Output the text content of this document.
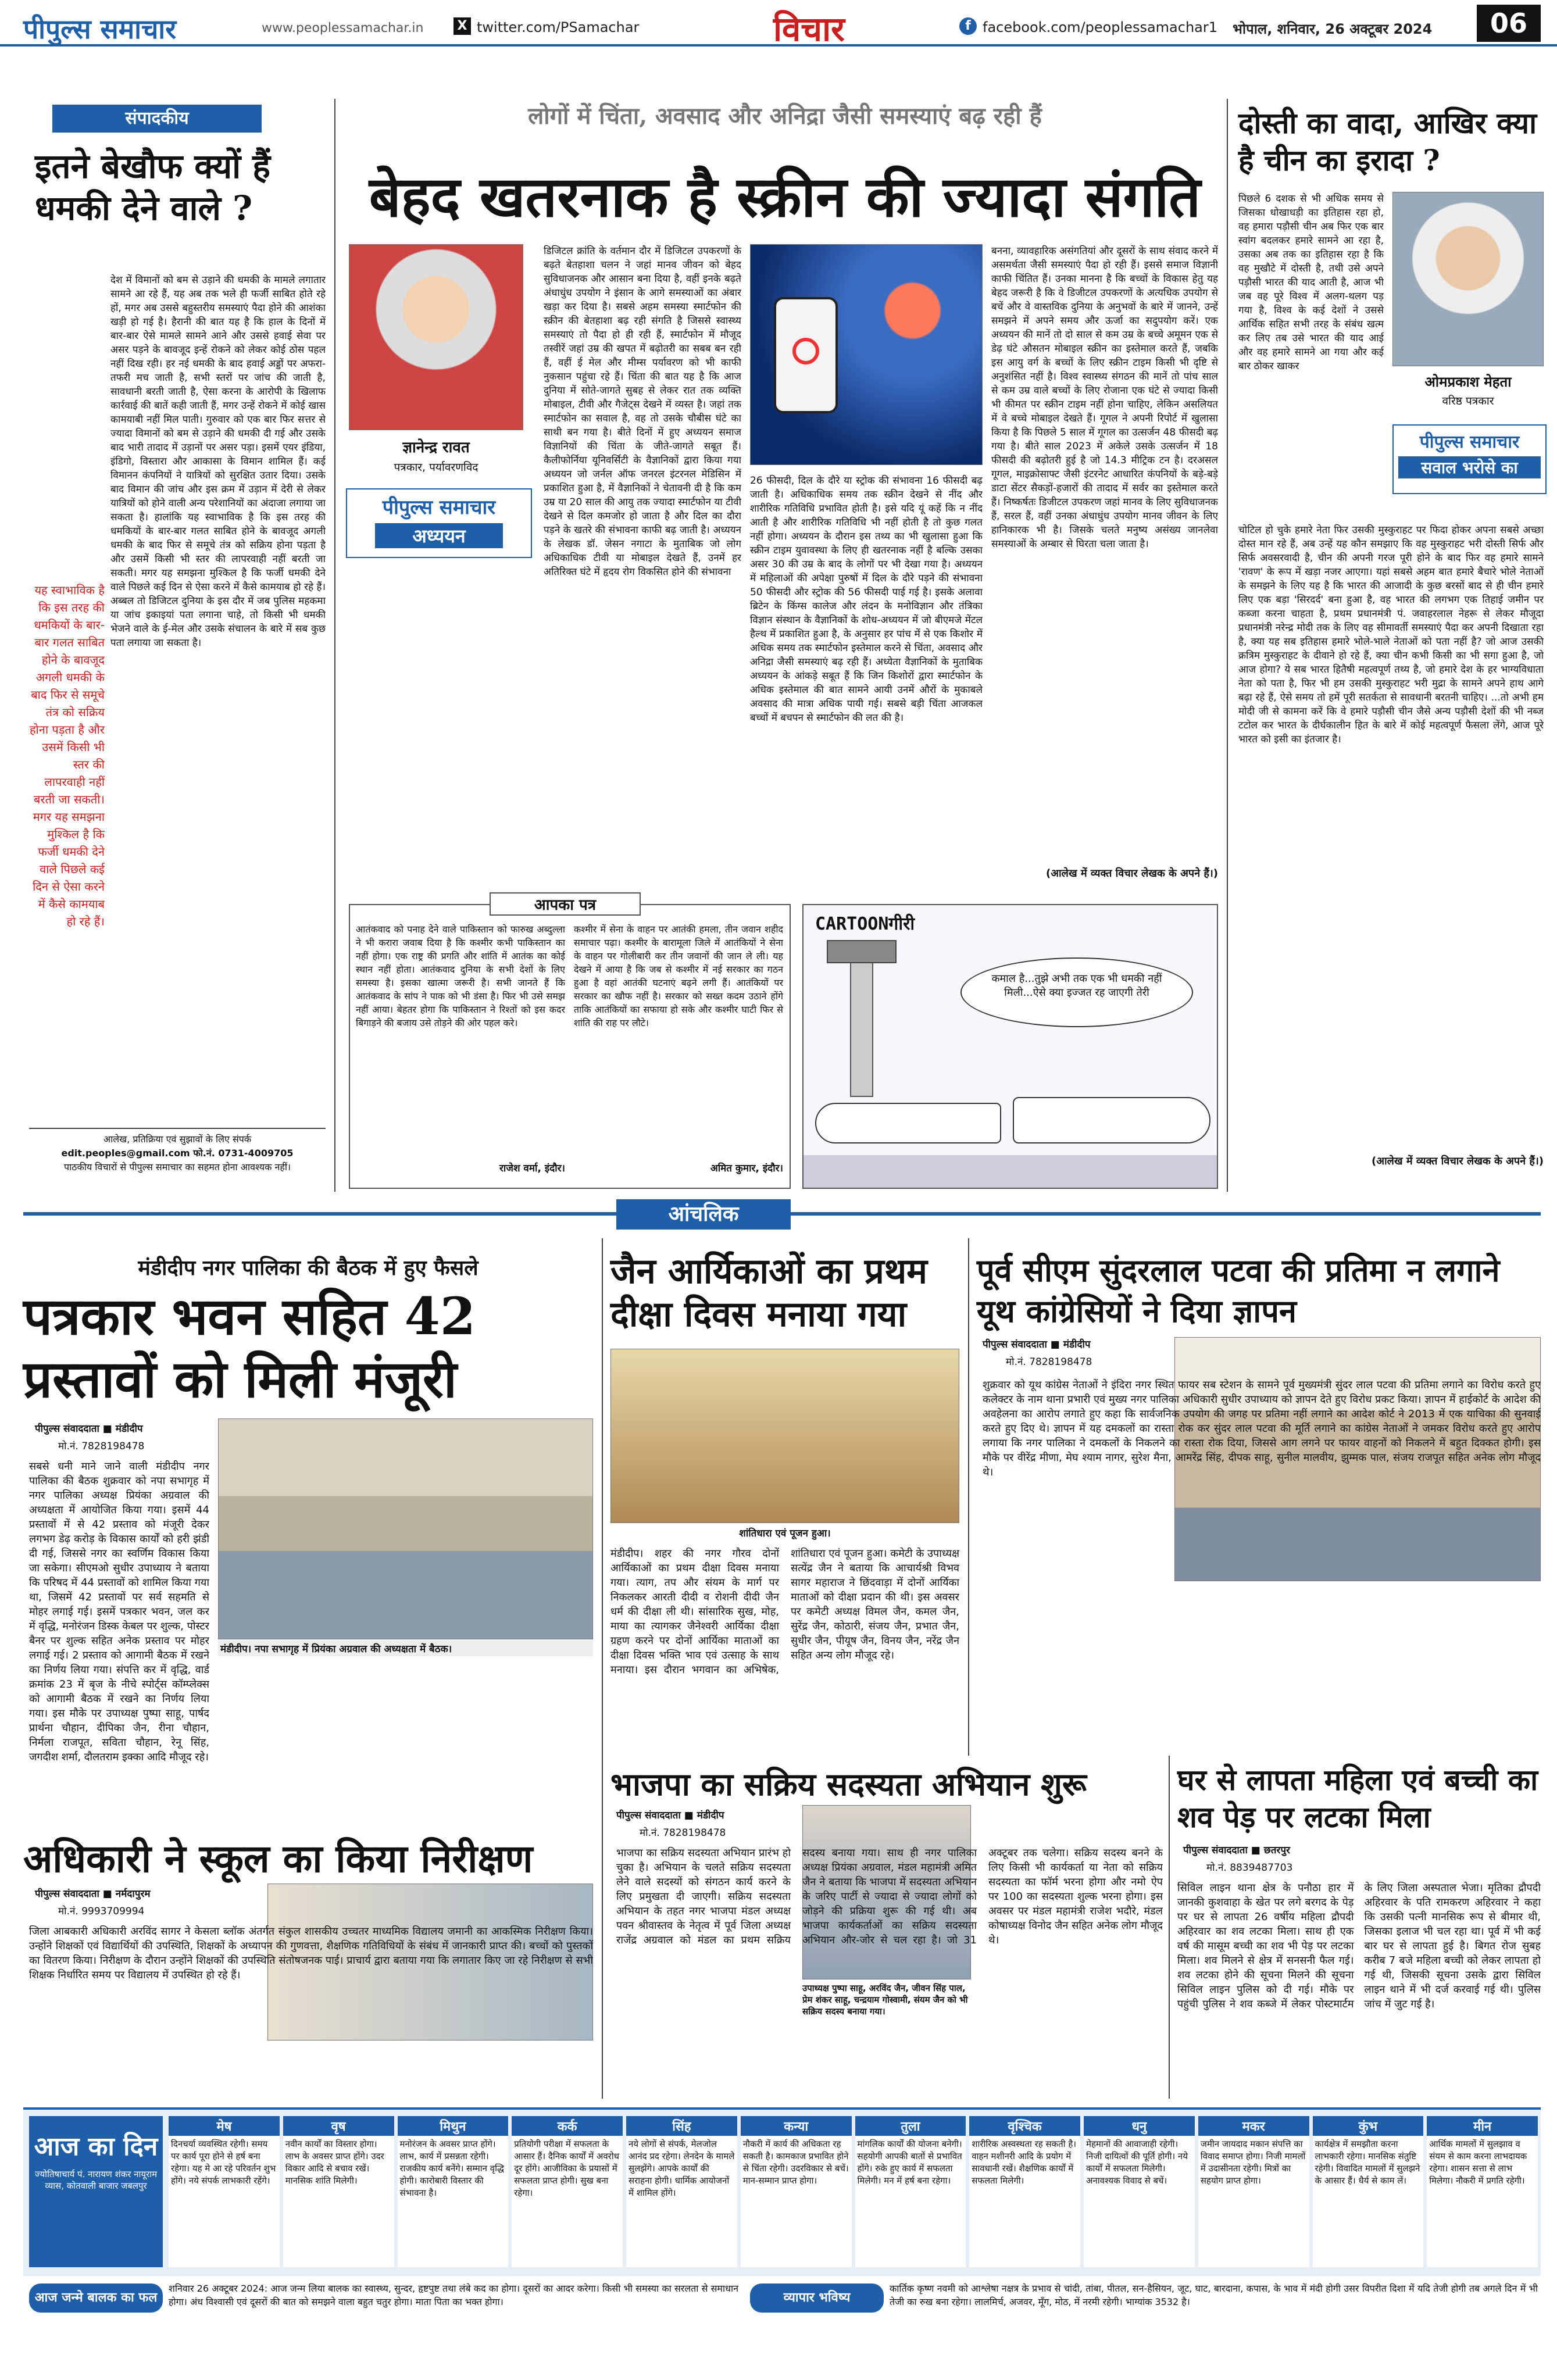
पीपुल्स समाचार	www.peoplessamachar.in	X twitter.com/PSamachar	विचार	f facebook.com/peoplessamachar1 भोपाल, शनिवार, 26 अक्टूबर 2024	06
संपादकीय
इतने बेखौफ क्यों हैं धमकी देने वाले ?
देश में विमानों को बम से उड़ाने की धमकी के मामले लगातार सामने आ रहे हैं, यह अब तक भले ही फर्जी साबित होते रहे हों, मगर अब उससे बहुस्तरीय समस्याएं पैदा होने की आशंका खड़ी हो गई है। हैरानी की बात यह है कि हाल के दिनों में बार-बार ऐसे मामले सामने आने और उससे हवाई सेवा पर असर पड़ने के बावजूद इन्हें रोकने को लेकर कोई ठोस पहल नहीं दिख रही। हर नई धमकी के बाद हवाई अड्डों पर अफरा-तफरी मच जाती है, सभी स्तरों पर जांच की जाती है, सावधानी बरती जाती है, ऐसा करना के आरोपी के खिलाफ कार्रवाई की बातें कही जाती हैं, मगर उन्हें रोकने में कोई खास कामयाबी नहीं मिल पाती। गुरुवार को एक बार फिर सत्तर से ज्यादा विमानों को बम से उड़ाने की धमकी दी गई और उसके बाद भारी तादाद में उड़ानों पर असर पड़ा। इसमें एयर इंडिया, इंडिगो, विस्तारा और आकासा के विमान शामिल हैं। कई विमानन कंपनियों ने यात्रियों को सुरक्षित उतार दिया। उसके बाद विमान की जांच और इस क्रम में उड़ान में देरी से लेकर यात्रियों को होने वाली अन्य परेशानियों का अंदाजा लगाया जा सकता है। हालांकि यह स्वाभाविक है कि इस तरह की धमकियों के बार-बार गलत साबित होने के बावजूद अगली धमकी के बाद फिर से समूचे तंत्र को सक्रिय होना पड़ता है और उसमें किसी भी स्तर की लापरवाही नहीं बरती जा सकती। मगर यह समझना मुश्किल है कि फर्जी धमकी देने वाले पिछले कई दिन से ऐसा करने में कैसे कामयाब हो रहे हैं। अब्बल तो डिजिटल दुनिया के इस दौर में जब पुलिस महकमा या जांच इकाइयां पता लगाना चाहे, तो किसी भी धमकी भेजने वाले के ई-मेल और उसके संचालन के बारे में सब कुछ पता लगाया जा सकता है।
यह स्वाभाविक है कि इस तरह की धमकियों के बार-बार गलत साबित होने के बावजूद अगली धमकी के बाद फिर से समूचे तंत्र को सक्रिय होना पड़ता है और उसमें किसी भी स्तर की लापरवाही नहीं बरती जा सकती। मगर यह समझना मुश्किल है कि फर्जी धमकी देने वाले पिछले कई दिन से ऐसा करने में कैसे कामयाब हो रहे हैं।
आलेख, प्रतिक्रिया एवं सुझावों के लिए संपर्क
edit.peoples@gmail.com फो.नं. 0731-4009705
पाठकीय विचारों से पीपुल्स समाचार का सहमत होना आवश्यक नहीं।
लोगों में चिंता, अवसाद और अनिद्रा जैसी समस्याएं बढ़ रही हैं
बेहद खतरनाक है स्क्रीन की ज्यादा संगति
ज्ञानेन्द्र रावत
पत्रकार, पर्यावरणविद
पीपुल्स समाचार
अध्ययन
डिजिटल क्रांति के वर्तमान दौर में डिजिटल उपकरणों के बढ़ते बेतहाशा चलन ने जहां मानव जीवन को बेहद सुविधाजनक और आसान बना दिया है, वहीं इनके बढ़ते अंधाधुंध उपयोग ने इंसान के आगे समस्याओं का अंबार खड़ा कर दिया है। सबसे अहम समस्या स्मार्टफोन की स्क्रीन की बेतहाशा बढ़ रही संगति है जिससे स्वास्थ्य समस्याएं तो पैदा हो ही रही हैं, स्मार्टफोन में मौजूद तस्वीरें जहां उम्र की खपत में बढ़ोतरी का सबब बन रही हैं, वहीं ई मेल और मीम्स पर्यावरण को भी काफी नुकसान पहुंचा रहे हैं। चिंता की बात यह है कि आज दुनिया में सोते-जागते सुबह से लेकर रात तक व्यक्ति मोबाइल, टीवी और गैजेट्स देखने में व्यस्त है। जहां तक स्मार्टफोन का सवाल है, वह तो उसके चौबीस घंटे का साथी बन गया है। बीते दिनों में हुए अध्ययन समाज विज्ञानियों की चिंता के जीते-जागते सबूत हैं। कैलीफोर्निया यूनिवर्सिटी के वैज्ञानिकों द्वारा किया गया अध्ययन जो जर्नल ऑफ जनरल इंटरनल मेडिसिन में प्रकाशित हुआ है, में वैज्ञानिकों ने चेतावनी दी है कि कम उम्र या 20 साल की आयु तक ज्यादा स्मार्टफोन या टीवी देखने से दिल कमजोर हो जाता है और दिल का दौरा पड़ने के खतरे की संभावना काफी बढ़ जाती है। अध्ययन के लेखक डॉ. जेसन नगाटा के मुताबिक जो लोग अधिकाधिक टीवी या मोबाइल देखते हैं, उनमें हर अतिरिक्त घंटे में हृदय रोग विकसित होने की संभावना
26 फीसदी, दिल के दौरे या स्ट्रोक की संभावना 16 फीसदी बढ़ जाती है। अधिकाधिक समय तक स्क्रीन देखने से नींद और शारीरिक गतिविधि प्रभावित होती है। इसे यदि यूं कहें कि न नींद आती है और शारीरिक गतिविधि भी नहीं होती है तो कुछ गलत नहीं होगा। अध्ययन के दौरान इस तथ्य का भी खुलासा हुआ कि स्क्रीन टाइम युवावस्था के लिए ही खतरनाक नहीं है बल्कि उसका असर 30 की उम्र के बाद के लोगों पर भी देखा गया है। अध्ययन में महिलाओं की अपेक्षा पुरुषों में दिल के दौरे पड़ने की संभावना 50 फीसदी और स्ट्रोक की 56 फीसदी पाई गई है। इसके अलावा ब्रिटेन के किंग्स कालेज और लंदन के मनोविज्ञान और तंत्रिका विज्ञान संस्थान के वैज्ञानिकों के शोध-अध्ययन में जो बीएमजे मेंटल हैल्थ में प्रकाशित हुआ है, के अनुसार हर पांच में से एक किशोर में अधिक समय तक स्मार्टफोन इस्तेमाल करने से चिंता, अवसाद और अनिद्रा जैसी समस्याएं बढ़ रही हैं। अध्येता वैज्ञानिकों के मुताबिक अध्ययन के आंकड़े सबूत हैं कि जिन किशोरों द्वारा स्मार्टफोन के अधिक इस्तेमाल की बात सामने आयी उनमें औरों के मुकाबले अवसाद की मात्रा अधिक पायी गई। सबसे बड़ी चिंता आजकल बच्चों में बचपन से स्मार्टफोन की लत की है।
बनना, व्यावहारिक असंगतियां और दूसरों के साथ संवाद करने में असमर्थता जैसी समस्याएं पैदा हो रही हैं। इससे समाज विज्ञानी काफी चिंतित हैं। उनका मानना है कि बच्चों के विकास हेतु यह बेहद जरूरी है कि वे डिजीटल उपकरणों के अत्यधिक उपयोग से बचें और वे वास्तविक दुनिया के अनुभवों के बारे में जानने, उन्हें समझने में अपने समय और ऊर्जा का सदुपयोग करें। एक अध्ययन की मानें तो दो साल से कम उम्र के बच्चे अमूमन एक से डेढ़ घंटे औसतन मोबाइल स्क्रीन का इस्तेमाल करते हैं, जबकि इस आयु वर्ग के बच्चों के लिए स्क्रीन टाइम किसी भी दृष्टि से अनुशंसित नहीं है। विश्व स्वास्थ्य संगठन की मानें तो पांच साल से कम उम्र वाले बच्चों के लिए रोजाना एक घंटे से ज्यादा किसी भी कीमत पर स्क्रीन टाइम नहीं होना चाहिए, लेकिन असलियत में वे बच्चे मोबाइल देखते हैं। गूगल ने अपनी रिपोर्ट में खुलासा किया है कि पिछले 5 साल में गूगल का उत्सर्जन 48 फीसदी बढ़ गया है। बीते साल 2023 में अकेले उसके उत्सर्जन में 18 फीसदी की बढ़ोतरी हुई है जो 14.3 मीट्रिक टन है। दरअसल गूगल, माइक्रोसाफ्ट जैसी इंटरनेट आधारित कंपनियों के बड़े-बड़े डाटा सेंटर सैकड़ों-हजारों की तादाद में सर्वर का इस्तेमाल करते हैं। निष्कर्षतः डिजीटल उपकरण जहां मानव के लिए सुविधाजनक हैं, सरल हैं, वहीं उनका अंधाधुंध उपयोग मानव जीवन के लिए हानिकारक भी है। जिसके चलते मनुष्य असंख्य जानलेवा समस्याओं के अम्बार से घिरता चला जाता है।
(आलेख में व्यक्त विचार लेखक के अपने हैं।)
दोस्ती का वादा, आखिर क्या है चीन का इरादा ?
पिछले 6 दशक से भी अधिक समय से जिसका धोखाधड़ी का इतिहास रहा हो, वह हमारा पड़ौसी चीन अब फिर एक बार स्वांग बदलकर हमारे सामने आ रहा है, उसका अब तक का इतिहास रहा है कि वह मुखौटे में दोस्ती है, तथी उसे अपने पड़ौसी भारत की याद आती है, आज भी जब वह पूरे विश्व में अलग-थलग पड़ गया है, विश्व के कई देशों ने उससे आर्थिक सहित सभी तरह के संबंध खत्म कर लिए तब उसे भारत की याद आई और वह हमारे सामने आ गया और कई बार ठोकर खाकर
ओमप्रकाश मेहता
वरिष्ठ पत्रकार
पीपुल्स समाचार
सवाल भरोसे का
चोटिल हो चुके हमारे नेता फिर उसकी मुस्कुराहट पर फिदा होकर अपना सबसे अच्छा दोस्त मान रहे हैं, अब उन्हें यह कौन समझाए कि वह मुस्कुराहट भरी दोस्ती सिर्फ और सिर्फ अवसरवादी है, चीन की अपनी गरज पूरी होने के बाद फिर वह हमारे सामने 'रावण' के रूप में खड़ा नजर आएगा। यहां सबसे अहम बात हमारे बैचारे भोले नेताओं के समझने के लिए यह है कि भारत की आजादी के कुछ बरसों बाद से ही चीन हमारे लिए एक बड़ा 'सिरदर्द' बना हुआ है, वह भारत की लगभग एक तिहाई जमीन पर कब्जा करना चाहता है, प्रथम प्रधानमंत्री पं. जवाहरलाल नेहरू से लेकर मौजूदा प्रधानमंत्री नरेन्द्र मोदी तक के लिए वह सीमावर्ती समस्याएं पैदा कर अपनी दिखाता रहा है, क्या यह सब इतिहास हमारे भोले-भाले नेताओं को पता नहीं है? जो आज उसकी क्रत्रिम मुस्कुराहट के दीवाने हो रहे हैं, क्या चीन कभी किसी का भी सगा हुआ है, जो आज होगा? ये सब भारत हितैषी महत्वपूर्ण तथ्य है, जो हमारे देश के हर भाग्यविधाता नेता को पता है, फिर भी हम उसकी मुस्कुराहट भरी मुद्रा के सामने अपने हाथ आगे बढ़ा रहे हैं, ऐसे समय तो हमें पूरी सतर्कता से सावधानी बरतनी चाहिए। ...तो अभी हम मोदी जी से कामना करें कि वे हमारे पड़ौसी चीन जैसे अन्य पड़ौसी देशों की भी नब्ज टटोल कर भारत के दीर्घकालीन हित के बारे में कोई महत्वपूर्ण फैसला लेंगे, आज पूरे भारत को इसी का इंतजार है।
(आलेख में व्यक्त विचार लेखक के अपने हैं।)
आपका पत्र
आतंकवाद को पनाह देने वाले पाकिस्तान को फारुख अब्दुल्ला ने भी करारा जवाब दिया है कि कश्मीर कभी पाकिस्तान का नहीं होगा। एक राष्ट्र की प्रगति और शांति में आतंक का कोई स्थान नहीं होता। आतंकवाद दुनिया के सभी देशों के लिए समस्या है। इसका खात्मा जरूरी है। सभी जानते हैं कि आतंकवाद के सांप ने पाक को भी डंसा है। फिर भी उसे समझ नहीं आया। बेहतर होगा कि पाकिस्तान ने रिश्तों को इस कदर बिगाड़ने की बजाय उसे तोड़ने की ओर पहल करे।
राजेश वर्मा, इंदौर।
कश्मीर में सेना के वाहन पर आतंकी हमला, तीन जवान शहीद समाचार पढ़ा। कश्मीर के बारामूला जिले में आतंकियों ने सेना के वाहन पर गोलीबारी कर तीन जवानों की जान ले ली। यह देखने में आया है कि जब से कश्मीर में नई सरकार का गठन हुआ है वहां आतंकी घटनाएं बढ़ने लगी हैं। आतंकियों पर सरकार का खौफ नहीं है। सरकार को सख्त कदम उठाने होंगे ताकि आतंकियों का सफाया हो सके और कश्मीर घाटी फिर से शांति की राह पर लौटे।
अमित कुमार, इंदौर।
CARTOONगीरी
कमाल है...तुझे अभी तक एक भी धमकी नहीं मिली...ऐसे क्या इज्जत रह जाएगी तेरी
आंचलिक
मंडीदीप नगर पालिका की बैठक में हुए फैसले
पत्रकार भवन सहित 42 प्रस्तावों को मिली मंजूरी
पीपुल्स संवाददाता ■ मंडीदीप
मो.नं. 7828198478
मंडीदीप। नपा सभागृह में प्रियंका अग्रवाल की अध्यक्षता में बैठक।
सबसे धनी माने जाने वाली मंडीदीप नगर पालिका की बैठक शुक्रवार को नपा सभागृह में नगर पालिका अध्यक्ष प्रियंका अग्रवाल की अध्यक्षता में आयोजित किया गया। इसमें 44 प्रस्तावों में से 42 प्रस्ताव को मंजूरी देकर लगभग डेढ़ करोड़ के विकास कार्यों को हरी झंडी दी गई, जिससे नगर का स्वर्णिम विकास किया जा सकेगा। सीएमओ सुधीर उपाध्याय ने बताया कि परिषद में 44 प्रस्तावों को शामिल किया गया था, जिसमें 42 प्रस्तावों पर सर्व सहमति से मोहर लगाई गई। इसमें पत्रकार भवन, जल कर में वृद्धि, मनोरंजन डिस्क केबल पर शुल्क, पोस्टर बैनर पर शुल्क सहित अनेक प्रस्ताव पर मोहर लगाई गई। 2 प्रस्ताव को आगामी बैठक में रखने का निर्णय लिया गया। संपत्ति कर में वृद्धि, वार्ड क्रमांक 23 में बृज के नीचे स्पोर्ट्स कॉम्प्लेक्स को आगामी बैठक में रखने का निर्णय लिया गया। इस मौके पर उपाध्यक्ष पुष्पा साहू, पार्षद प्रार्थना चौहान, दीपिका जैन, रीना चौहान, निर्मला राजपूत, सविता चौहान, रेनू सिंह, जगदीश शर्मा, दौलतराम इक्का आदि मौजूद रहे।
अधिकारी ने स्कूल का किया निरीक्षण
पीपुल्स संवाददाता ■ नर्मदापुरम
मो.नं. 9993709994
जिला आबकारी अधिकारी अरविंद सागर ने केसला ब्लॉक अंतर्गत संकुल शासकीय उच्चतर माध्यमिक विद्यालय जमानी का आकस्मिक निरीक्षण किया। उन्होंने शिक्षकों एवं विद्यार्थियों की उपस्थिति, शिक्षकों के अध्यापन की गुणवत्ता, शैक्षणिक गतिविधियों के संबंध में जानकारी प्राप्त की। बच्चों को पुस्तकों का वितरण किया। निरीक्षण के दौरान उन्होंने शिक्षकों की उपस्थिति संतोषजनक पाई। प्राचार्य द्वारा बताया गया कि लगातार किए जा रहे निरीक्षण से सभी शिक्षक निर्धारित समय पर विद्यालय में उपस्थित हो रहे हैं।
जैन आर्यिकाओं का प्रथम दीक्षा दिवस मनाया गया
शांतिधारा एवं पूजन हुआ।
मंडीदीप। शहर की नगर गौरव दोनों आर्यिकाओं का प्रथम दीक्षा दिवस मनाया गया। त्याग, तप और संयम के मार्ग पर निकलकर आरती दीदी व रोशनी दीदी जैन धर्म की दीक्षा ली थी। सांसारिक सुख, मोह, माया का त्यागकर जैनेश्वरी आर्यिका दीक्षा ग्रहण करने पर दोनों आर्यिका माताओं का दीक्षा दिवस भक्ति भाव एवं उत्साह के साथ मनाया। इस दौरान भगवान का अभिषेक, शांतिधारा एवं पूजन हुआ। कमेटी के उपाध्यक्ष सत्येंद्र जैन ने बताया कि आचार्यश्री विभव सागर महाराज ने छिंदवाड़ा में दोनों आर्यिका माताओं को दीक्षा प्रदान की थी। इस अवसर पर कमेटी अध्यक्ष विमल जैन, कमल जैन, सुरेंद्र जैन, कोठारी, संजय जैन, प्रभात जैन, सुधीर जैन, पीयूष जैन, विनय जैन, नरेंद्र जैन सहित अन्य लोग मौजूद रहे।
भाजपा का सक्रिय सदस्यता अभियान शुरू
पीपुल्स संवाददाता ■ मंडीदीप
मो.नं. 7828198478
उपाध्यक्ष पुष्पा साहू, अरविंद जैन, जीवन सिंह पाल, प्रेम शंकर साहू, चन्द्रयाम गोस्वामी, संयम जैन को भी सक्रिय सदस्य बनाया गया।
भाजपा का सक्रिय सदस्यता अभियान प्रारंभ हो चुका है। अभियान के चलते सक्रिय सदस्यता लेने वाले सदस्यों को संगठन कार्य करने के लिए प्रमुखता दी जाएगी। सक्रिय सदस्यता अभियान के तहत नगर भाजपा मंडल अध्यक्ष पवन श्रीवास्तव के नेतृत्व में पूर्व जिला अध्यक्ष राजेंद्र अग्रवाल को मंडल का प्रथम सक्रिय सदस्य बनाया गया। साथ ही नगर पालिका अध्यक्ष प्रियंका अग्रवाल, मंडल महामंत्री अमित जैन ने बताया कि भाजपा में सदस्यता अभियान के जरिए पार्टी से ज्यादा से ज्यादा लोगों को जोड़ने की प्रक्रिया शुरू की गई थी। अब भाजपा कार्यकर्ताओं का सक्रिय सदस्यता अभियान और-जोर से चल रहा है। जो 31 अक्टूबर तक चलेगा। सक्रिय सदस्य बनने के लिए किसी भी कार्यकर्ता या नेता को सक्रिय सदस्यता का फॉर्म भरना होगा और नमो ऐप पर 100 का सदस्यता शुल्क भरना होगा। इस अवसर पर मंडल महामंत्री राजेश भदौरे, मंडल कोषाध्यक्ष विनोद जैन सहित अनेक लोग मौजूद थे।
पूर्व सीएम सुंदरलाल पटवा की प्रतिमा न लगाने यूथ कांग्रेसियों ने दिया ज्ञापन
पीपुल्स संवाददाता ■ मंडीदीप
मो.नं. 7828198478
शुक्रवार को यूथ कांग्रेस नेताओं ने इंदिरा नगर स्थित फायर सब स्टेशन के सामने पूर्व मुख्यमंत्री सुंदर लाल पटवा की प्रतिमा लगाने का विरोध करते हुए कलेक्टर के नाम थाना प्रभारी एवं मुख्य नगर पालिका अधिकारी सुधीर उपाध्याय को ज्ञापन देते हुए विरोध प्रकट किया। ज्ञापन में हाईकोर्ट के आदेश की अवहेलना का आरोप लगाते हुए कहा कि सार्वजनिक उपयोग की जगह पर प्रतिमा नहीं लगाने का आदेश कोर्ट ने 2013 में एक याचिका की सुनवाई करते हुए दिए थे। ज्ञापन में यह दमकलों का रास्ता रोक कर सुंदर लाल पटवा की मूर्ति लगाने का कांग्रेस नेताओं ने जमकर विरोध करते हुए आरोप लगाया कि नगर पालिका ने दमकलों के निकलने का रास्ता रोक दिया, जिससे आग लगने पर फायर वाहनों को निकलने में बहुत दिक्कत होगी। इस मौके पर वीरेंद्र मीणा, मेघ श्याम नागर, सुरेश मैना, आमरेंद्र सिंह, दीपक साहू, सुनील मालवीय, झुम्मक पाल, संजय राजपूत सहित अनेक लोग मौजूद थे।
घर से लापता महिला एवं बच्ची का शव पेड़ पर लटका मिला
पीपुल्स संवाददाता ■ छतरपुर
मो.नं. 8839487703
सिविल लाइन थाना क्षेत्र के पनौठा हार में जानकी कुशवाहा के खेत पर लगे बरगद के पेड़ पर घर से लापता 26 वर्षीय महिला द्रौपदी अहिरवार का शव लटका मिला। साथ ही एक वर्ष की मासूम बच्ची का शव भी पेड़ पर लटका मिला। शव मिलने से क्षेत्र में सनसनी फैल गई। शव लटका होने की सूचना मिलने की सूचना सिविल लाइन पुलिस को दी गई। मौके पर पहुंची पुलिस ने शव कब्जे में लेकर पोस्टमार्टम के लिए जिला अस्पताल भेजा। मृतिका द्रौपदी अहिरवार के पति रामकरण अहिरवार ने कहा कि उसकी पत्नी मानसिक रूप से बीमार थी, जिसका इलाज भी चल रहा था। पूर्व में भी कई बार घर से लापता हुई है। बिगत रोज सुबह करीब 7 बजे महिला बच्ची को लेकर लापता हो गई थी, जिसकी सूचना उसके द्वारा सिविल लाइन थाने में भी दर्ज करवाई गई थी। पुलिस जांच में जुट गई है।
आज का दिन
ज्योतिषाचार्य पं. नारायण शंकर नायूराम व्यास, कोतवाली बाजार जबलपुर
मेष
दिनचर्या व्यवस्थित रहेगी। समय पर कार्य पूरा होने से हर्ष बना रहेगा। यह मे आ रहे परिवर्तन शुभ होंगे। नये संपर्क लाभकारी रहेंगे।
वृष
नवीन कार्यों का विस्तार होगा। लाभ के अवसर प्राप्त होंगे। उदर विकार आदि से बचाव रखें। मानसिक शांति मिलेगी।
मिथुन
मनोरंजन के अवसर प्राप्त होंगे। लाभ, कार्य में प्रसन्नता रहेगी। राजकीय कार्य बनेंगे। सम्मान वृद्धि होगी। कारोबारी विस्तार की संभावना है।
कर्क
प्रतियोगी परीक्षा में सफलता के आसार हैं। दैनिक कार्यों में अवरोध दूर होंगे। आजीविका के प्रयासों में सफलता प्राप्त होगी। सुख बना रहेगा।
सिंह
नये लोगों से संपर्क, मेलजोल आनंद प्रद रहेगा। लेनदेन के मामले सुलझेंगे। आपके कार्यों की सराहना होगी। धार्मिक आयोजनों में शामिल होंगे।
कन्या
नौकरी में कार्य की अधिकता रह सकती है। कामकाज प्रभावित होने से चिंता रहेगी। उदरविकार से बचें। मान-सम्मान प्राप्त होगा।
तुला
मांगलिक कार्यों की योजना बनेगी। सहयोगी आपकी बातों से प्रभावित होंगे। रुके हुए कार्य में सफलता मिलेगी। मन में हर्ष बना रहेगा।
वृश्चिक
शारीरिक अस्वस्थता रह सकती है। वाहन मशीनरी आदि के प्रयोग में सावधानी रखें। शैक्षणिक कार्यों में सफलता मिलेगी।
धनु
मेहमानों की आवाजाही रहेगी। निजी दायित्वों की पूर्ति होगी। नये कार्यों में सफलता मिलेगी। अनावश्यक विवाद से बचें।
मकर
जमीन जायदाद मकान संपत्ति का विवाद समाप्त होगा। निजी मामलों में उदासीनता रहेगी। मित्रों का सहयोग प्राप्त होगा।
कुंभ
कार्यक्षेत्र में समझौता करना लाभकारी रहेगा। मानसिक संतुष्टि रहेगी। विवादित मामलों में सुलझने के आसार हैं। धैर्य से काम लें।
मीन
आर्थिक मामलों में सुलझाव व संयम से काम करना लाभदायक रहेगा। शासन सत्ता से लाभ मिलेगा। नौकरी में प्रगति रहेगी।
आज जन्मे बालक का फल
शनिवार 26 अक्टूबर 2024: आज जन्म लिया बालक का स्वास्थ्य, सुन्दर, हृष्टपुष्ट तथा लंबे कद का होगा। दूसरों का आदर करेगा। किसी भी समस्या का सरलता से समाधान होगा। अंध विश्वासी एवं दूसरों की बात को समझने वाला बहुत चतुर होगा। माता पिता का भक्त होगा।	व्यापार भविष्य
कार्तिक कृष्ण नवमी को आश्लेषा नक्षत्र के प्रभाव से चांदी, तांबा, पीतल, सन-हैसियन, जूट, घाट, बारदाना, कपास, के भाव में मंदी होगी उसर विपरीत दिशा में यदि तेजी होगी तब अगले दिन में भी तेजी का रुख बना रहेगा। लालमिर्च, अजवर, मूँग, मोठ, में नरमी रहेगी। भाग्यांक 3532 है।
